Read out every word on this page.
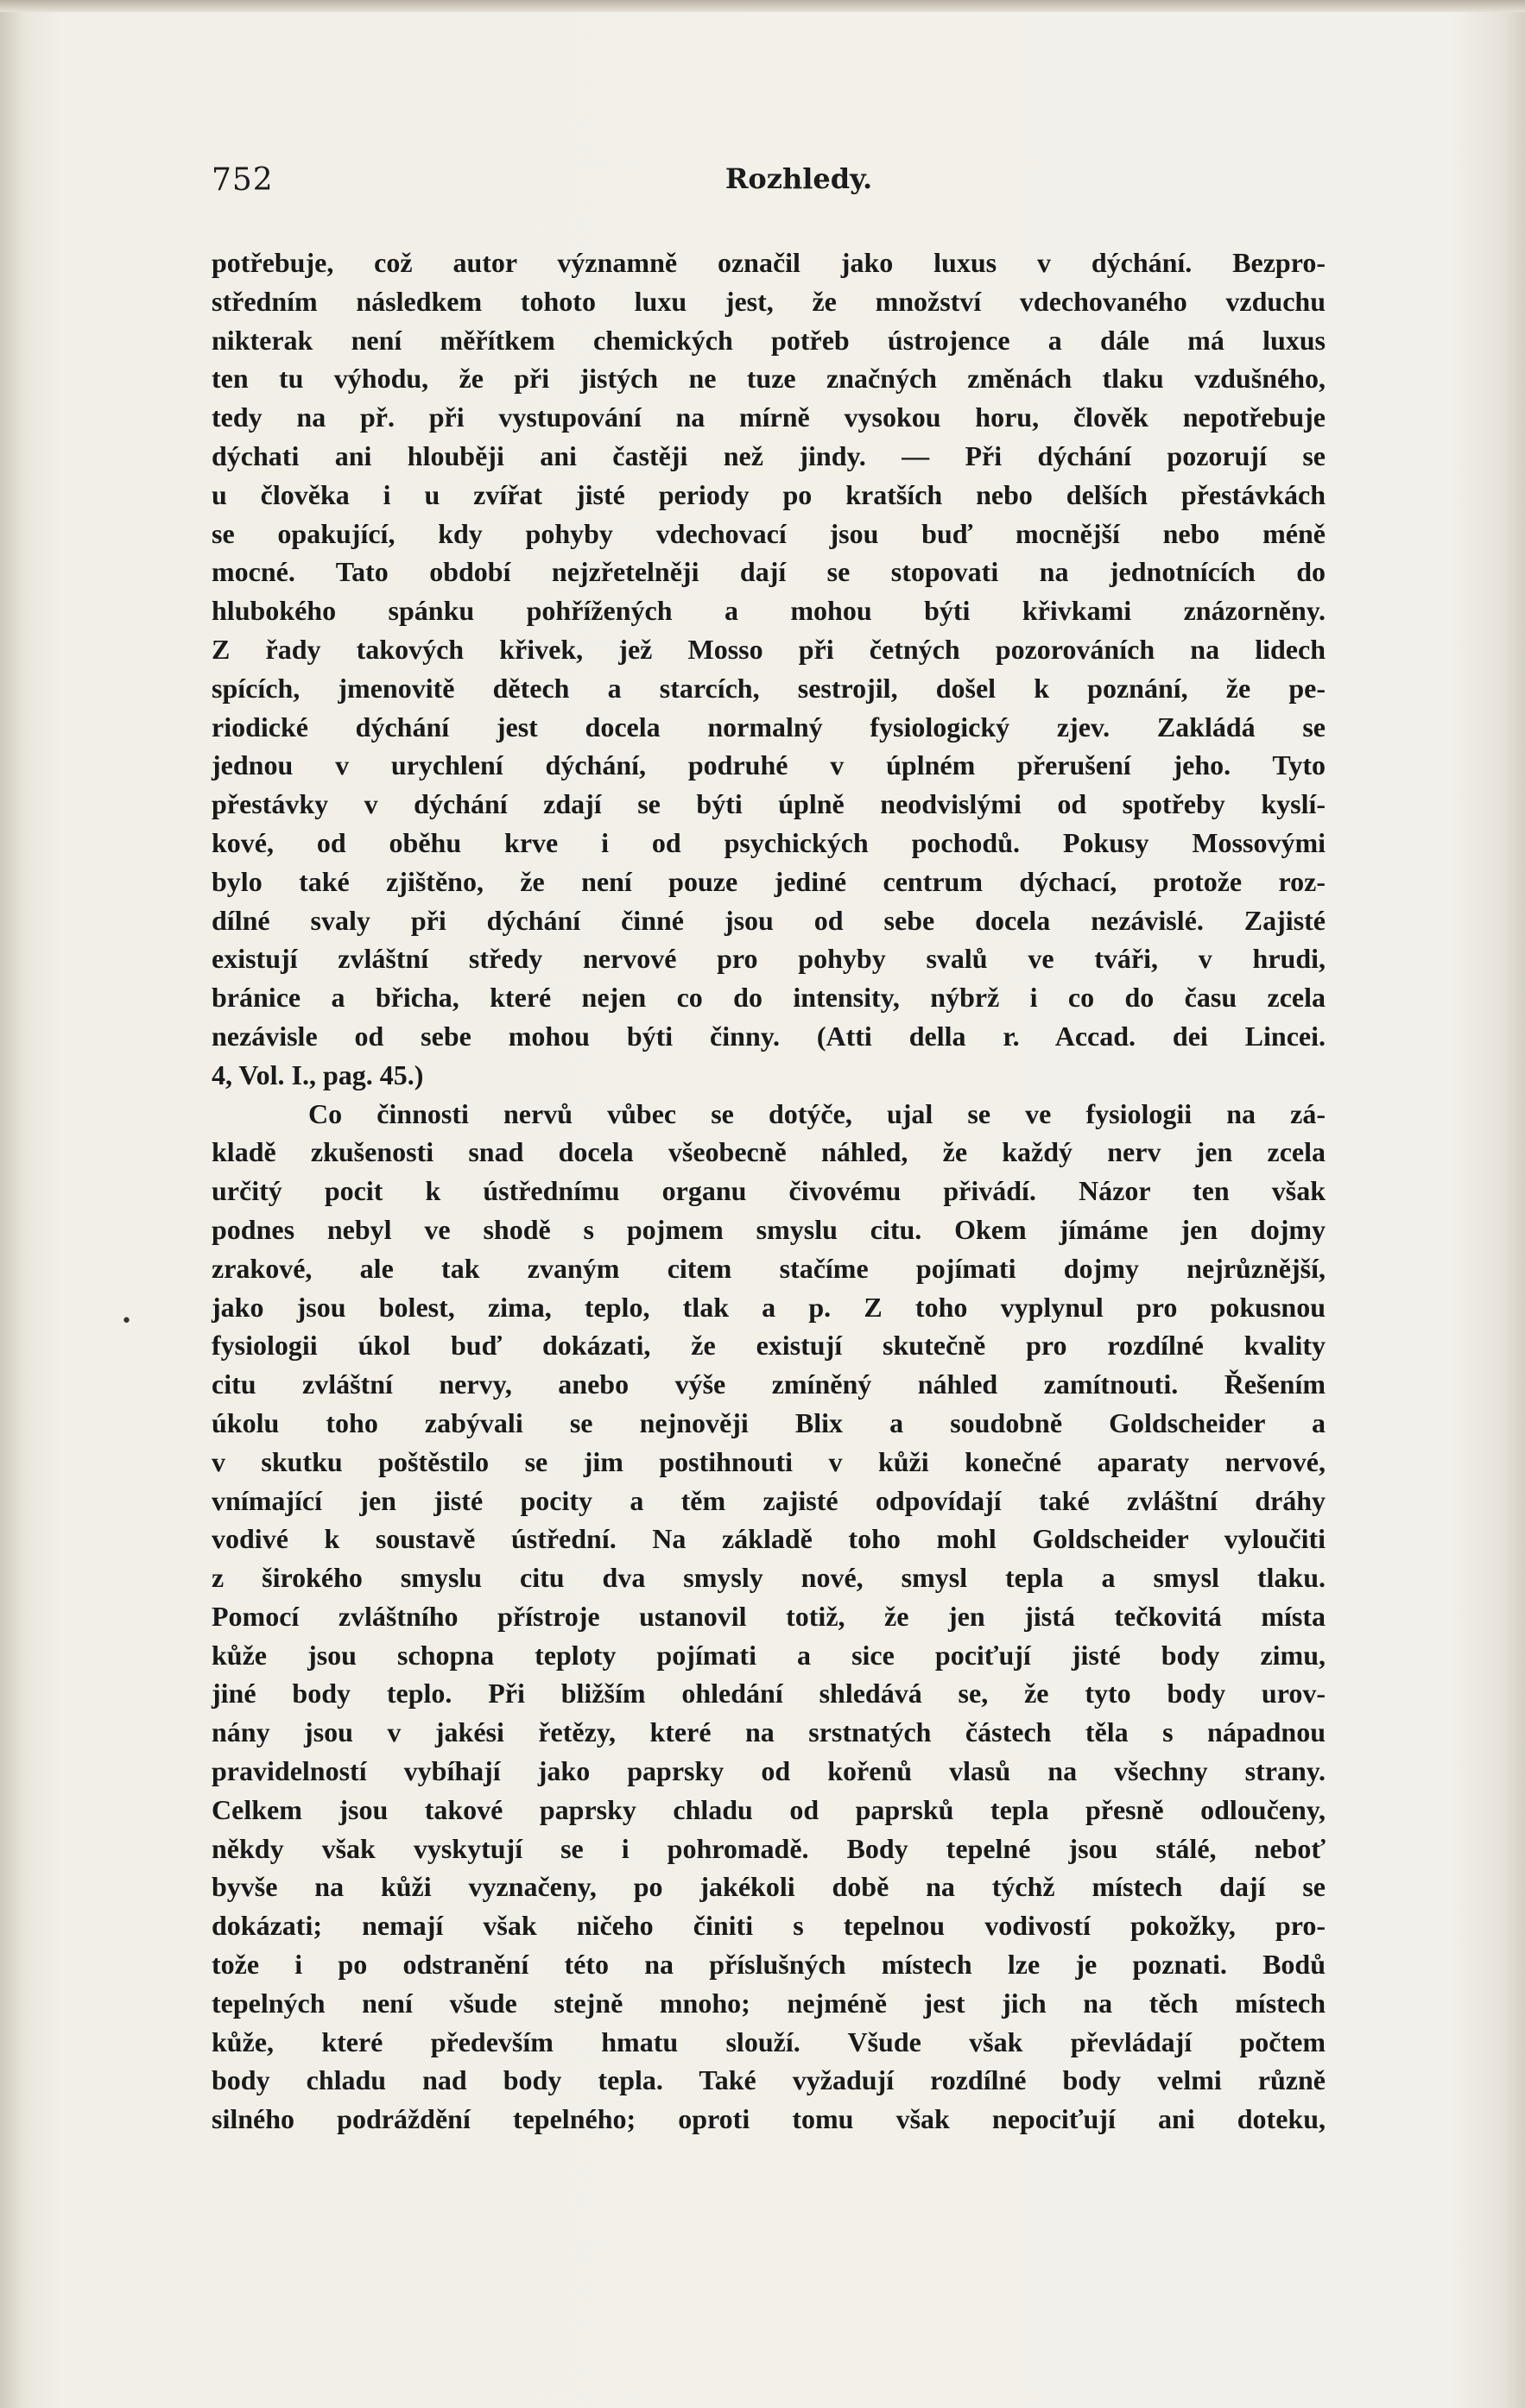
752	Rozhledy.
•
potřebuje, což autor významně označil jako luxus v dýchání. Bezpro-
středním následkem tohoto luxu jest, že množství vdechovaného vzduchu
nikterak není měřítkem chemických potřeb ústrojence a dále má luxus
ten tu výhodu, že při jistých ne tuze značných změnách tlaku vzdušného,
tedy na př. při vystupování na mírně vysokou horu, člověk nepotřebuje
dýchati ani hlouběji ani častěji než jindy. — Při dýchání pozorují se
u člověka i u zvířat jisté periody po kratších nebo delších přestávkách
se opakující, kdy pohyby vdechovací jsou buď mocnější nebo méně
mocné. Tato období nejzřetelněji dají se stopovati na jednotnících do
hlubokého spánku pohřížených a mohou býti křivkami znázorněny.
Z řady takových křivek, jež Mosso při četných pozorováních na lidech
spících, jmenovitě dětech a starcích, sestrojil, došel k poznání, že pe-
riodické dýchání jest docela normalný fysiologický zjev. Zakládá se
jednou v urychlení dýchání, podruhé v úplném přerušení jeho. Tyto
přestávky v dýchání zdají se býti úplně neodvislými od spotřeby kyslí-
kové, od oběhu krve i od psychických pochodů. Pokusy Mossovými
bylo také zjištěno, že není pouze jediné centrum dýchací, protože roz-
dílné svaly při dýchání činné jsou od sebe docela nezávislé. Zajisté
existují zvláštní středy nervové pro pohyby svalů ve tváři, v hrudi,
bránice a břicha, které nejen co do intensity, nýbrž i co do času zcela
nezávisle od sebe mohou býti činny. (Atti della r. Accad. dei Lincei.
4, Vol. I., pag. 45.)
Co činnosti nervů vůbec se dotýče, ujal se ve fysiologii na zá-
kladě zkušenosti snad docela všeobecně náhled, že každý nerv jen zcela
určitý pocit k ústřednímu organu čivovému přivádí. Názor ten však
podnes nebyl ve shodě s pojmem smyslu citu. Okem jímáme jen dojmy
zrakové, ale tak zvaným citem stačíme pojímati dojmy nejrůznější,
jako jsou bolest, zima, teplo, tlak a p. Z toho vyplynul pro pokusnou
fysiologii úkol buď dokázati, že existují skutečně pro rozdílné kvality
citu zvláštní nervy, anebo výše zmíněný náhled zamítnouti. Řešením
úkolu toho zabývali se nejnověji Blix a soudobně Goldscheider a
v skutku poštěstilo se jim postihnouti v kůži konečné aparaty nervové,
vnímající jen jisté pocity a těm zajisté odpovídají také zvláštní dráhy
vodivé k soustavě ústřední. Na základě toho mohl Goldscheider vyloučiti
z širokého smyslu citu dva smysly nové, smysl tepla a smysl tlaku.
Pomocí zvláštního přístroje ustanovil totiž, že jen jistá tečkovitá místa
kůže jsou schopna teploty pojímati a sice pociťují jisté body zimu,
jiné body teplo. Při bližším ohledání shledává se, že tyto body urov-
nány jsou v jakési řetězy, které na srstnatých částech těla s nápadnou
pravidelností vybíhají jako paprsky od kořenů vlasů na všechny strany.
Celkem jsou takové paprsky chladu od paprsků tepla přesně odloučeny,
někdy však vyskytují se i pohromadě. Body tepelné jsou stálé, neboť
byvše na kůži vyznačeny, po jakékoli době na týchž místech dají se
dokázati; nemají však ničeho činiti s tepelnou vodivostí pokožky, pro-
tože i po odstranění této na příslušných místech lze je poznati. Bodů
tepelných není všude stejně mnoho; nejméně jest jich na těch místech
kůže, které především hmatu slouží. Všude však převládají počtem
body chladu nad body tepla. Také vyžadují rozdílné body velmi různě
silného podráždění tepelného; oproti tomu však nepociťují ani doteku,
